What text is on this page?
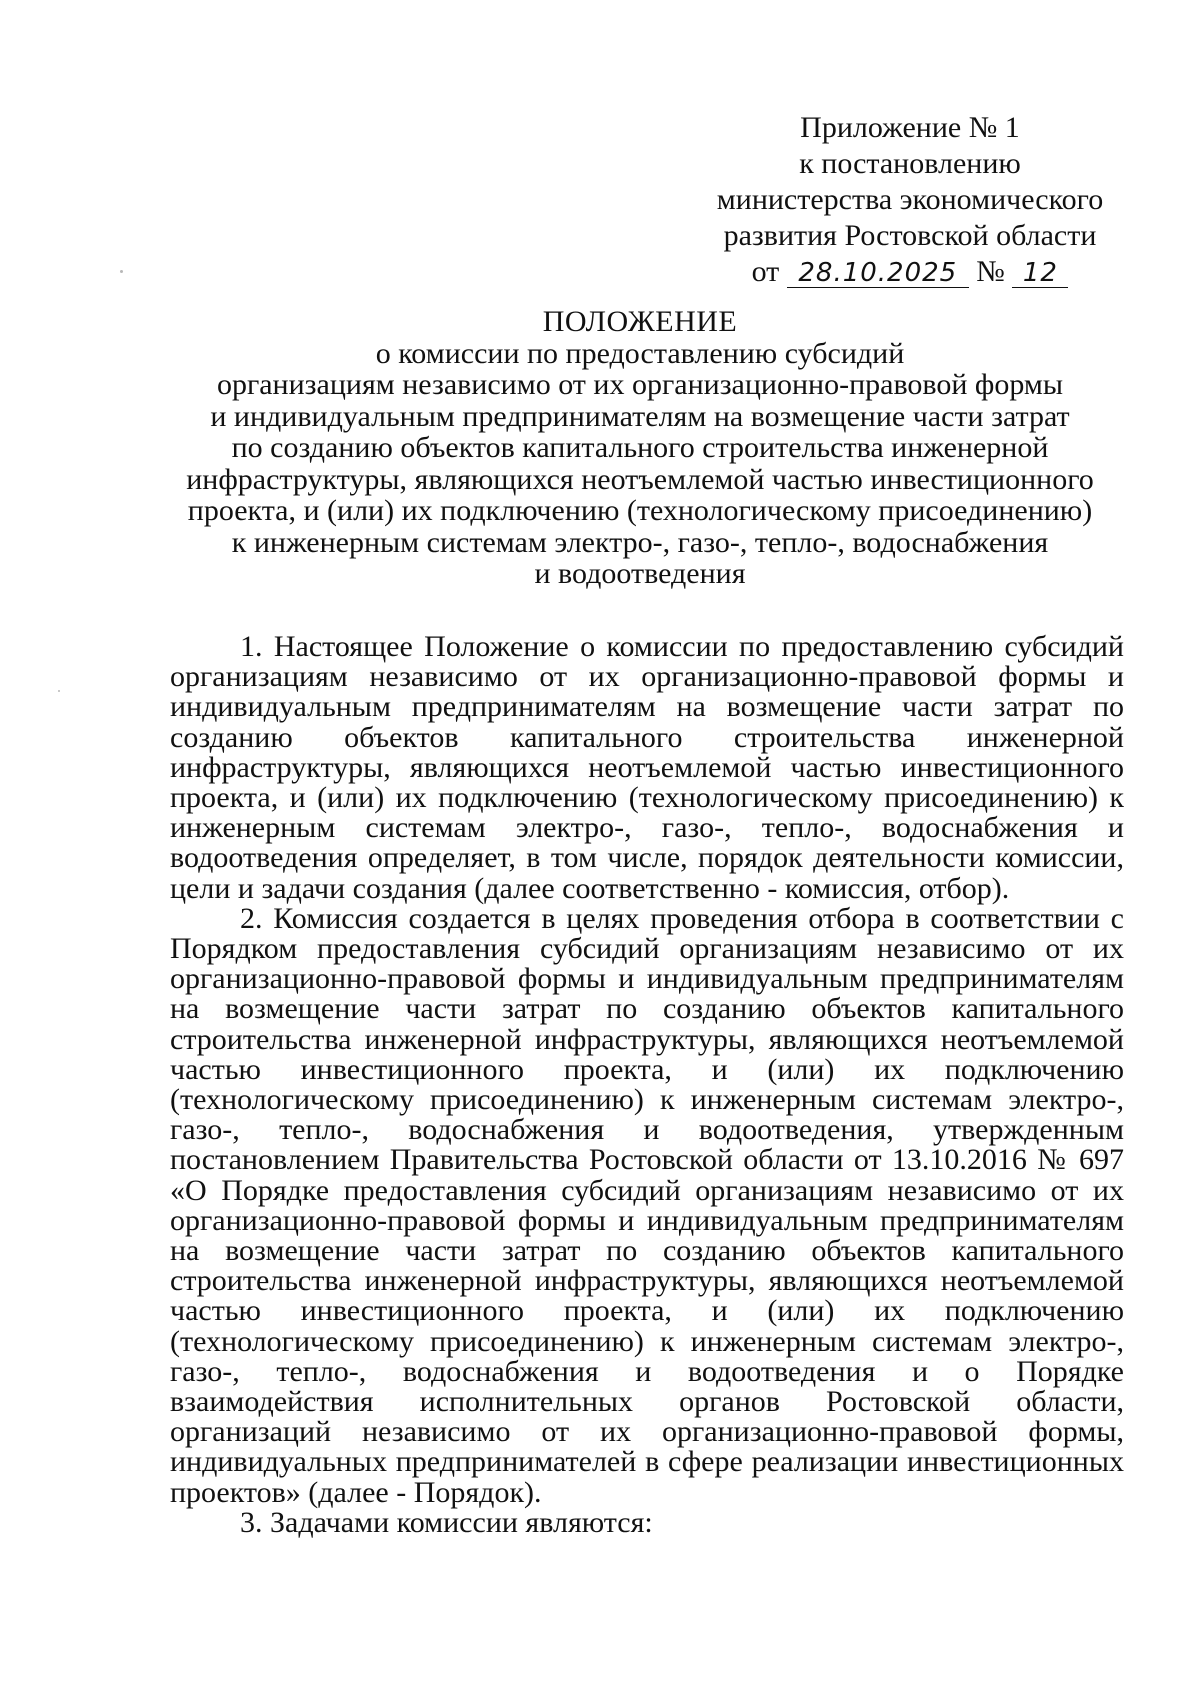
Приложение № 1
к постановлению
министерства экономического
развития Ростовской области
от 28.10.2025 № 12
ПОЛОЖЕНИЕ
о комиссии по предоставлению субсидий
организациям независимо от их организационно-правовой формы
и индивидуальным предпринимателям на возмещение части затрат
по созданию объектов капитального строительства инженерной
инфраструктуры, являющихся неотъемлемой частью инвестиционного
проекта, и (или) их подключению (технологическому присоединению)
к инженерным системам электро-, газо-, тепло-, водоснабжения
и водоотведения

1. Настоящее Положение о комиссии по предоставлению субсидий организациям независимо от их организационно-правовой формы и индивидуальным предпринимателям на возмещение части затрат по созданию объектов капитального строительства инженерной инфраструктуры, являющихся неотъемлемой частью инвестиционного проекта, и (или) их подключению (технологическому присоединению) к инженерным системам электро-, газо-, тепло-, водоснабжения и водоотведения определяет, в том числе, порядок деятельности комиссии, цели и задачи создания (далее соответственно - комиссия, отбор).

2. Комиссия создается в целях проведения отбора в соответствии с Порядком предоставления субсидий организациям независимо от их организационно-правовой формы и индивидуальным предпринимателям на возмещение части затрат по созданию объектов капитального строительства инженерной инфраструктуры, являющихся неотъемлемой частью инвестиционного проекта, и (или) их подключению (технологическому присоединению) к инженерным системам электро-, газо-, тепло-, водоснабжения и водоотведения, утвержденным постановлением Правительства Ростовской области от 13.10.2016 № 697 «О Порядке предоставления субсидий организациям независимо от их организационно-правовой формы и индивидуальным предпринимателям на возмещение части затрат по созданию объектов капитального строительства инженерной инфраструктуры, являющихся неотъемлемой частью инвестиционного проекта, и (или) их подключению (технологическому присоединению) к инженерным системам электро-, газо-, тепло-, водоснабжения и водоотведения и о Порядке взаимодействия исполнительных органов Ростовской области, организаций независимо от их организационно-правовой формы, индивидуальных предпринимателей в сфере реализации инвестиционных проектов» (далее - Порядок).

3. Задачами комиссии являются:
